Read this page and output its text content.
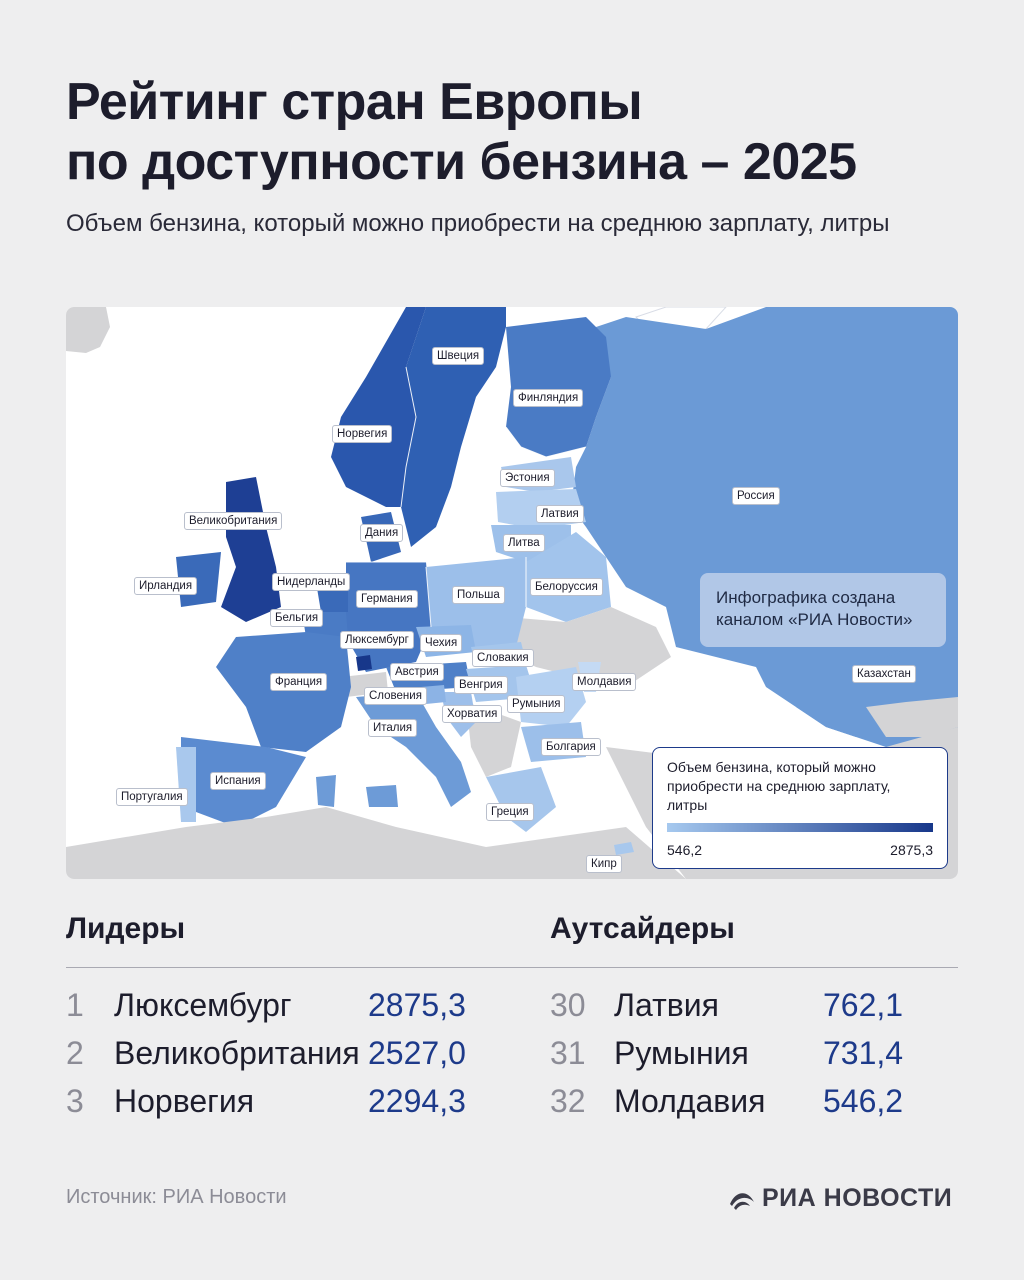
Рейтинг стран Европы
по доступности бензина – 2025
Объем бензина, который можно приобрести на среднюю зарплату, литры
Швеция
Финляндия
Норвегия
Эстония
Латвия
Литва
Россия
Великобритания
Дания
Ирландия	Нидерланды
Германия	Польша
Белоруссия
Бельгия
Люксембург	Чехия
Словакия
Австрия
Молдавия
Франция
Словения
Венгрия
Румыния
Казахстан
Хорватия
Италия
Болгария
Испания
Португалия
Греция
Кипр
Инфографика создана каналом «РИА Новости»
Объем бензина, который можно приобрести на среднюю зарплату, литры
546,2	2875,3
Лидеры	Аутсайдеры
1 Люксембург 2875,3
2 Великобритания 2527,0
3 Норвегия	2294,3
30 Латвия	762,1
31 Румыния 731,4
32 Молдавия 546,2
Источник: РИА Новости	РИА НОВОСТИ
